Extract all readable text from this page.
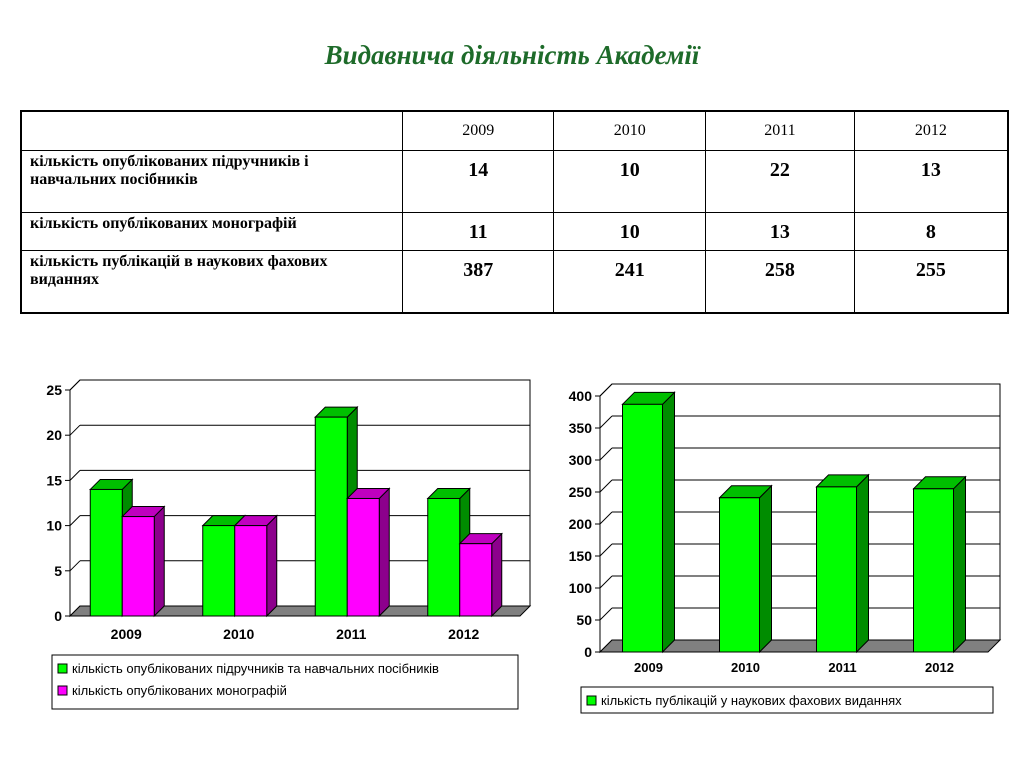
Видавнича діяльність Академії
	2009	2010	2011	2012
кількість опублікованих підручників і навчальних посібників	14	10	22	13
кількість опублікованих монографій	11	10	13	8
кількість публікацій в наукових фахових виданнях	387	241	258	255
0
5
10
15
20
25
2009	2010	2011	2012
кількість опублікованих підручників та навчальних посібників
кількість опублікованих монографій
0
50
100
150
200
250
300
350
400
2009	2010	2011	2012
кількість публікацій у наукових фахових виданнях
